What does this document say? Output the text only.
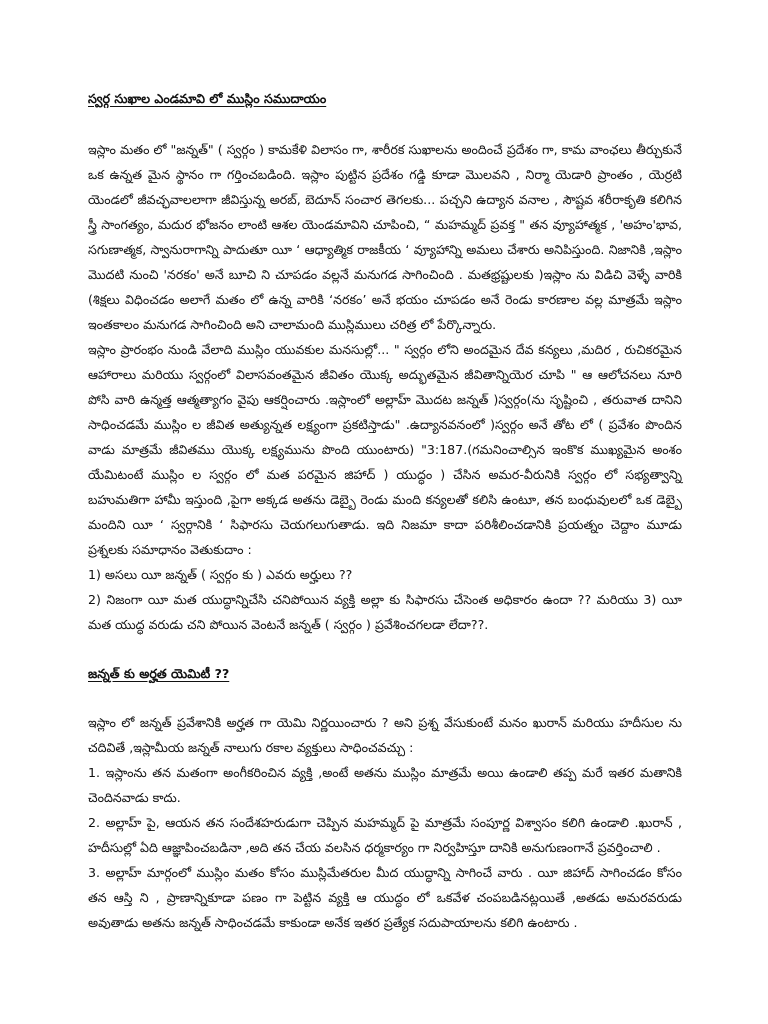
స్వర్గ సుఖాల ఎండమావి లో ముస్లిం సముదాయం

ఇస్లాం మతం లో "జన్నత్" ( స్వర్గం ) కామకేళి విలాసం గా, శారీరక సుఖాలను అందించే ప్రదేశం గా, కామ వాంఛలు తీర్చుకునే ఒక ఉన్నత మైన స్థానం గా గర్తించబడింది. ఇస్లాం పుట్టిన ప్రదేశం గడ్డి కూడా మొలవని , నిర్మా యెడారి ప్రాంతం , యెర్రటి యెండలో జీవచ్ఛవాలలాగా జీవిస్తున్న అరబ్, బెదూన్ సంచార తెగలకు... పచ్చని ఉద్యాన వనాల , సౌష్టవ శరీరాకృతి కలిగిన స్త్రీ సాంగత్యం, మదుర భోజనం లాంటి ఆశల యెండమావిని చూపించి, “ మహమ్మద్ ప్రవక్త " తన వ్యూహాత్మక , 'అహం'భావ, సగుణాత్మక, స్వానురాగాన్ని పాదుతూ యీ ‘ ఆధ్యాత్మిక రాజకీయ ‘ వ్యూహాన్ని అమలు చేశారు అనిపిస్తుంది. నిజానికి ,ఇస్లాం మొదటి నుంచి 'నరకం' అనే బూచి ని చూపడం వల్లనే మనుగడ సాగించింది . మతభ్రష్టులకు )ఇస్లాం ను విడిచి వెళ్ళే వారికి (శిక్షలు విధించడం అలాగే మతం లో ఉన్న వారికి ‘నరకం’ అనే భయం చూపడం అనే రెండు కారణాల వల్ల మాత్రమే ఇస్లాం ఇంతకాలం మనుగడ సాగించింది అని చాలామంది ముస్లిములు చరిత్ర లో పేర్కొన్నారు.

ఇస్లాం ప్రారంభం నుండి వేలాది ముస్లిం యువకుల మనసుల్లో... " స్వర్గం లోని అందమైన దేవ కన్యలు ,మదిర , రుచికరమైన ఆహారాలు మరియు స్వర్గంలో విలాసవంతమైన జీవితం యొక్క అద్భుతమైన జీవితాన్నియెర చూపి " ఆ ఆలోచనలు నూరి పోసి వారి ఉన్మత్త ఆత్మత్యాగం వైపు ఆకర్షించారు .ఇస్లాంలో అల్లాహ్ మొదట జన్నత్ )స్వర్గం(ను సృష్టించి , తరువాత దానిని సాధించడమే ముస్లిం ల జీవిత అత్యున్నత లక్ష్యంగా ప్రకటిస్తాడు" .ఉద్యానవనంలో )స్వర్గం అనే తోట లో ( ప్రవేశం పొందిన వాడు మాత్రమే జీవితము యొక్క లక్ష్యమును పొంది యుంటారు) "3:187.(గమనించాల్సిన ఇంకొక ముఖ్యమైన అంశం యేమిటంటే ముస్లిం ల స్వర్గం లో మత పరమైన జిహాద్ ) యుద్ధం ) చేసిన అమర-వీరునికి స్వర్గం లో సభ్యత్వాన్ని బహుమతిగా హామీ ఇస్తుంది ,పైగా అక్కడ అతను డెబ్బై రెండు మంది కన్యలతో కలిసి ఉంటూ, తన బంధువులలో ఒక డెబ్బై మందిని యీ ‘ స్వర్గానికి ‘ సిఫారసు చెయగలుగుతాడు. ఇది నిజమా కాదా పరిశీలించడానికి ప్రయత్నం చెద్దాం మూడు ప్రశ్నలకు సమాధానం వెతుకుదాం :

1) అసలు యీ జన్నత్ ( స్వర్గం కు ) ఎవరు అర్హులు ??

2) నిజంగా యీ మత యుద్ధాన్నిచేసి చనిపోయిన వ్యక్తి అల్లా కు సిఫారసు చేసెంత అధికారం ఉందా ?? మరియు 3) యీ మత యుద్ధ వరుడు చని పోయిన వెంటనే జన్నత్ ( స్వర్గం ) ప్రవేశించగలడా లేదా??.

జన్నత్ కు అర్హత యెమిటీ ??

ఇస్లాం లో జన్నత్ ప్రవేశానికి అర్హత గా యెమి నిర్ణయించారు ? అని ప్రశ్న వేసుకుంటే మనం ఖురాన్ మరియు హదీసుల ను చదివితే ,ఇస్లామీయ జన్నత్ నాలుగు రకాల వ్యక్తులు సాధించవచ్చు :

1. ఇస్లాంను తన మతంగా అంగీకరించిన వ్యక్తి ,అంటే అతను ముస్లిం మాత్రమే అయి ఉండాలి తప్ప మరే ఇతర మతానికి చెందినవాడు కాదు.

2. అల్లాహ్ పై, ఆయన తన సందేశహరుడుగా చెప్పిన మహమ్మద్ పై మాత్రమే సంపూర్ణ విశ్వాసం కలిగి ఉండాలి .ఖురాన్ , హదీసుల్లో ఏది ఆజ్ఞాపించబడినా ,అది తన చేయ వలసిన ధర్మకార్యం గా నిర్వహిస్తూ దానికి అనుగుణంగానే ప్రవర్తించాలి .

3. అల్లాహ్ మార్గంలో ముస్లిం మతం కోసం ముస్లిమేతరుల మీద యుద్ధాన్ని సాగించే వారు . యీ జిహాద్ సాగించడం కోసం తన ఆస్తి ని , ప్రాణాన్నికూడా పణం గా పెట్టిన వ్యక్తి ఆ యుద్ధం లో ఒకవేళ చంపబడినట్లయితే ,అతడు అమరవరుడు అవుతాడు అతను జన్నత్ సాధించడమే కాకుండా అనేక ఇతర ప్రత్యేక సదుపాయాలను కలిగి ఉంటారు .
